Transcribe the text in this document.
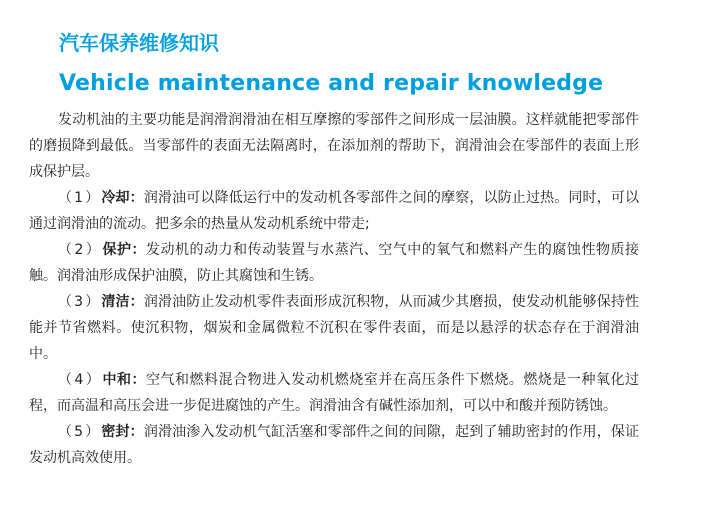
汽车保养维修知识
Vehicle maintenance and repair knowledge

发动机油的主要功能是润滑润滑油在相互摩擦的零部件之间形成一层油膜。这样就能把零部件的磨损降到最低。当零部件的表面无法隔离时，在添加剂的帮助下，润滑油会在零部件的表面上形成保护层。

（1）冷却：润滑油可以降低运行中的发动机各零部件之间的摩察，以防止过热。同时，可以通过润滑油的流动。把多余的热量从发动机系统中带走;

（2）保护：发动机的动力和传动装置与水蒸汽、空气中的氧气和燃料产生的腐蚀性物质接触。润滑油形成保护油膜，防止其腐蚀和生锈。

（3）清洁：润滑油防止发动机零件表面形成沉积物，从而减少其磨损，使发动机能够保持性能并节省燃料。使沉积物，烟炭和金属微粒不沉积在零件表面，而是以悬浮的状态存在于润滑油中。

（4）中和：空气和燃料混合物进入发动机燃烧室并在高压条件下燃烧。燃烧是一种氧化过程，而高温和高压会进一步促进腐蚀的产生。润滑油含有碱性添加剂，可以中和酸并预防锈蚀。

（5）密封：润滑油渗入发动机气缸活塞和零部件之间的间隙，起到了辅助密封的作用，保证发动机高效使用。
